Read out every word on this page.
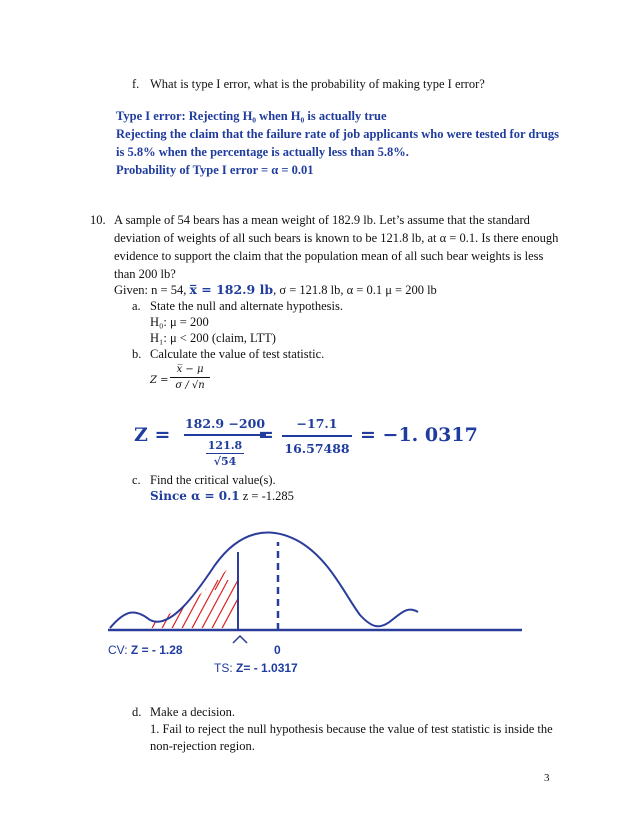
f. What is type I error, what is the probability of making type I error?
Type I error: Rejecting H₀ when H₀ is actually true
Rejecting the claim that the failure rate of job applicants who were tested for drugs
is 5.8% when the percentage is actually less than 5.8%.
Probability of Type I error = α = 0.01
10. A sample of 54 bears has a mean weight of 182.9 lb. Let’s assume that the standard
deviation of weights of all such bears is known to be 121.8 lb, at α = 0.1. Is there enough
evidence to support the claim that the population mean of all such bear weights is less
than 200 lb?
Given: n = 54, x̅ = 182.9 lb, σ = 121.8 lb, α = 0.1 μ = 200 lb
a. State the null and alternate hypothesis.
H₀: μ = 200
H₁: μ < 200 (claim, LTT)
b. Calculate the value of test statistic.
Z =
x̅ − μ
σ / √n
Z =
182.9 −200
121.8
√54
=
−17.1
16.57488
= −1. 0317
c. Find the critical value(s).
Since α = 0.1 z = -1.285
CV: Z = - 1.28	0
TS: Z= - 1.0317
d. Make a decision.
1. Fail to reject the null hypothesis because the value of test statistic is inside the
non-rejection region.
3
